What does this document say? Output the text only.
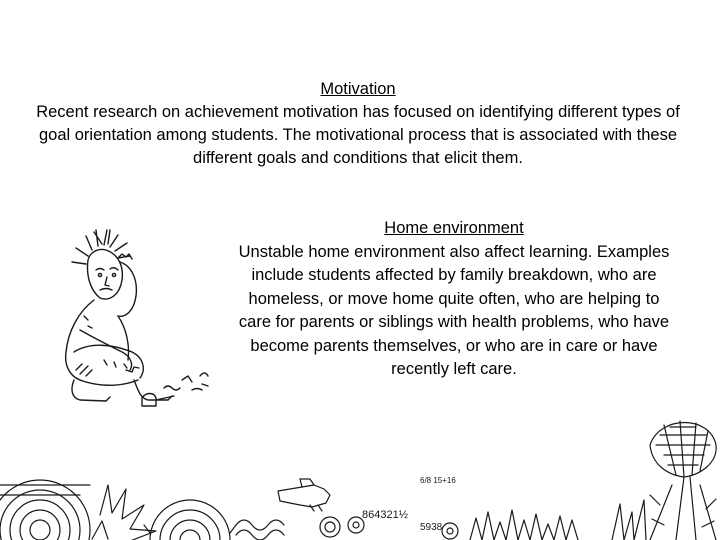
Motivation

Recent research on achievement motivation has focused on identifying different types of goal orientation among students. The motivational process that is associated with these different goals and conditions that elicit them.

Home environment

Unstable home environment also affect learning. Examples include students affected by family breakdown, who are homeless, or move home quite often, who are helping to care for parents or siblings with health problems, who have become parents themselves, or who are in care or have recently left care.

864321½
5938
6/8 15+16
